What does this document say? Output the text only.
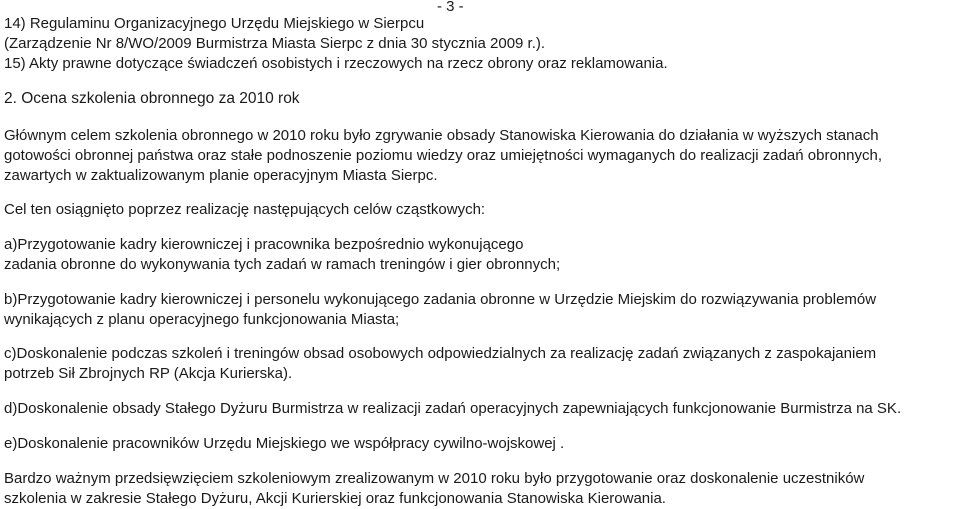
- 3 -
14) Regulaminu Organizacyjnego Urzędu Miejskiego w Sierpcu
(Zarządzenie Nr 8/WO/2009 Burmistrza Miasta Sierpc z dnia 30 stycznia 2009 r.).
15) Akty prawne dotyczące świadczeń osobistych i rzeczowych na rzecz obrony oraz reklamowania.
2. Ocena szkolenia obronnego za 2010 rok
Głównym celem szkolenia obronnego w 2010 roku było zgrywanie obsady Stanowiska Kierowania do działania w wyższych stanach
gotowości obronnej państwa oraz stałe podnoszenie poziomu wiedzy oraz umiejętności wymaganych do realizacji zadań obronnych,
zawartych w zaktualizowanym planie operacyjnym Miasta Sierpc.
Cel ten osiągnięto poprzez realizację następujących celów cząstkowych:
a)Przygotowanie kadry kierowniczej i pracownika bezpośrednio wykonującego
zadania obronne do wykonywania tych zadań w ramach treningów i gier obronnych;
b)Przygotowanie kadry kierowniczej i personelu wykonującego zadania obronne w Urzędzie Miejskim do rozwiązywania problemów
wynikających z planu operacyjnego funkcjonowania Miasta;
c)Doskonalenie podczas szkoleń i treningów obsad osobowych odpowiedzialnych za realizację zadań związanych z zaspokajaniem
potrzeb Sił Zbrojnych RP (Akcja Kurierska).
d)Doskonalenie obsady Stałego Dyżuru Burmistrza w realizacji zadań operacyjnych zapewniających funkcjonowanie Burmistrza na SK.
e)Doskonalenie pracowników Urzędu Miejskiego we współpracy cywilno-wojskowej .
Bardzo ważnym przedsięwzięciem szkoleniowym zrealizowanym w 2010 roku było przygotowanie oraz doskonalenie uczestników
szkolenia w zakresie Stałego Dyżuru, Akcji Kurierskiej oraz funkcjonowania Stanowiska Kierowania.
